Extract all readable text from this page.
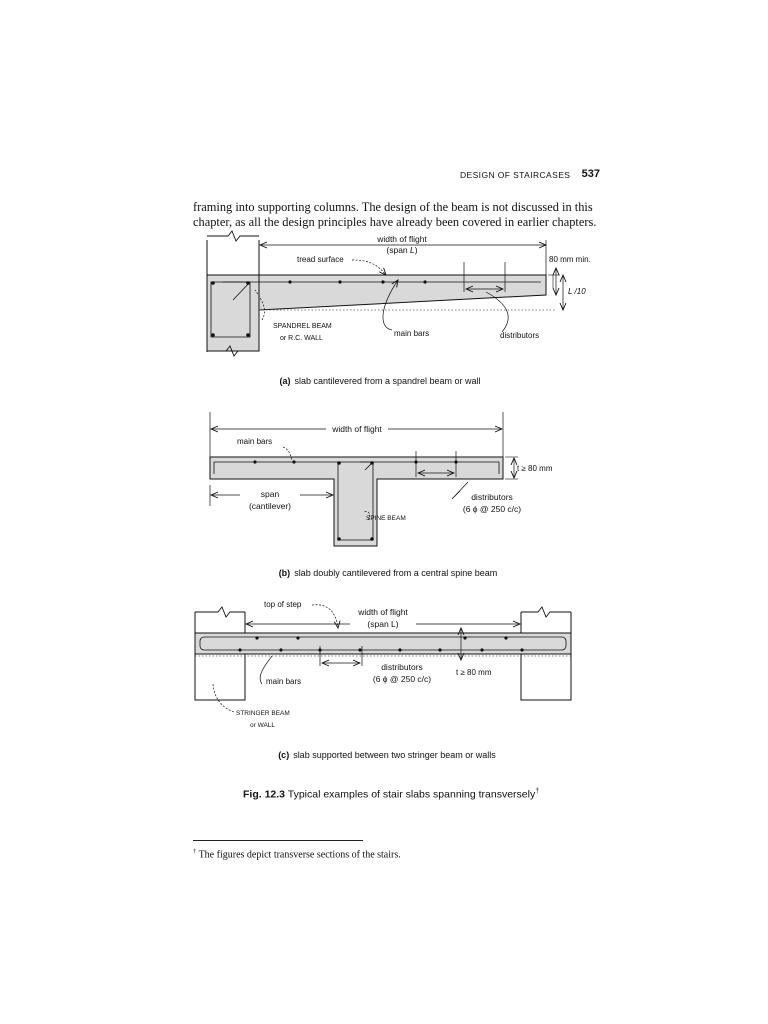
DESIGN OF STAIRCASES 537
framing into supporting columns. The design of the beam is not discussed in this
chapter, as all the design principles have already been covered in earlier chapters.
width of flight
(span L)
tread surface	80 mm min.
L /10
SPANDREL BEAM
or R.C. WALL
main bars	distributors
(a) slab cantilevered from a spandrel beam or wall
width of flight
main bars
t ≥ 80 mm
span
(cantilever)
distributors
(6 ϕ @ 250 c/c)
SPINE BEAM
(b) slab doubly cantilevered from a central spine beam
top of step
width of flight
(span L)
distributors
(6 ϕ @ 250 c/c)
t ≥ 80 mm
main bars
STRINGER BEAM
or WALL
(c) slab supported between two stringer beam or walls
Fig. 12.3 Typical examples of stair slabs spanning transversely†
† The figures depict transverse sections of the stairs.
